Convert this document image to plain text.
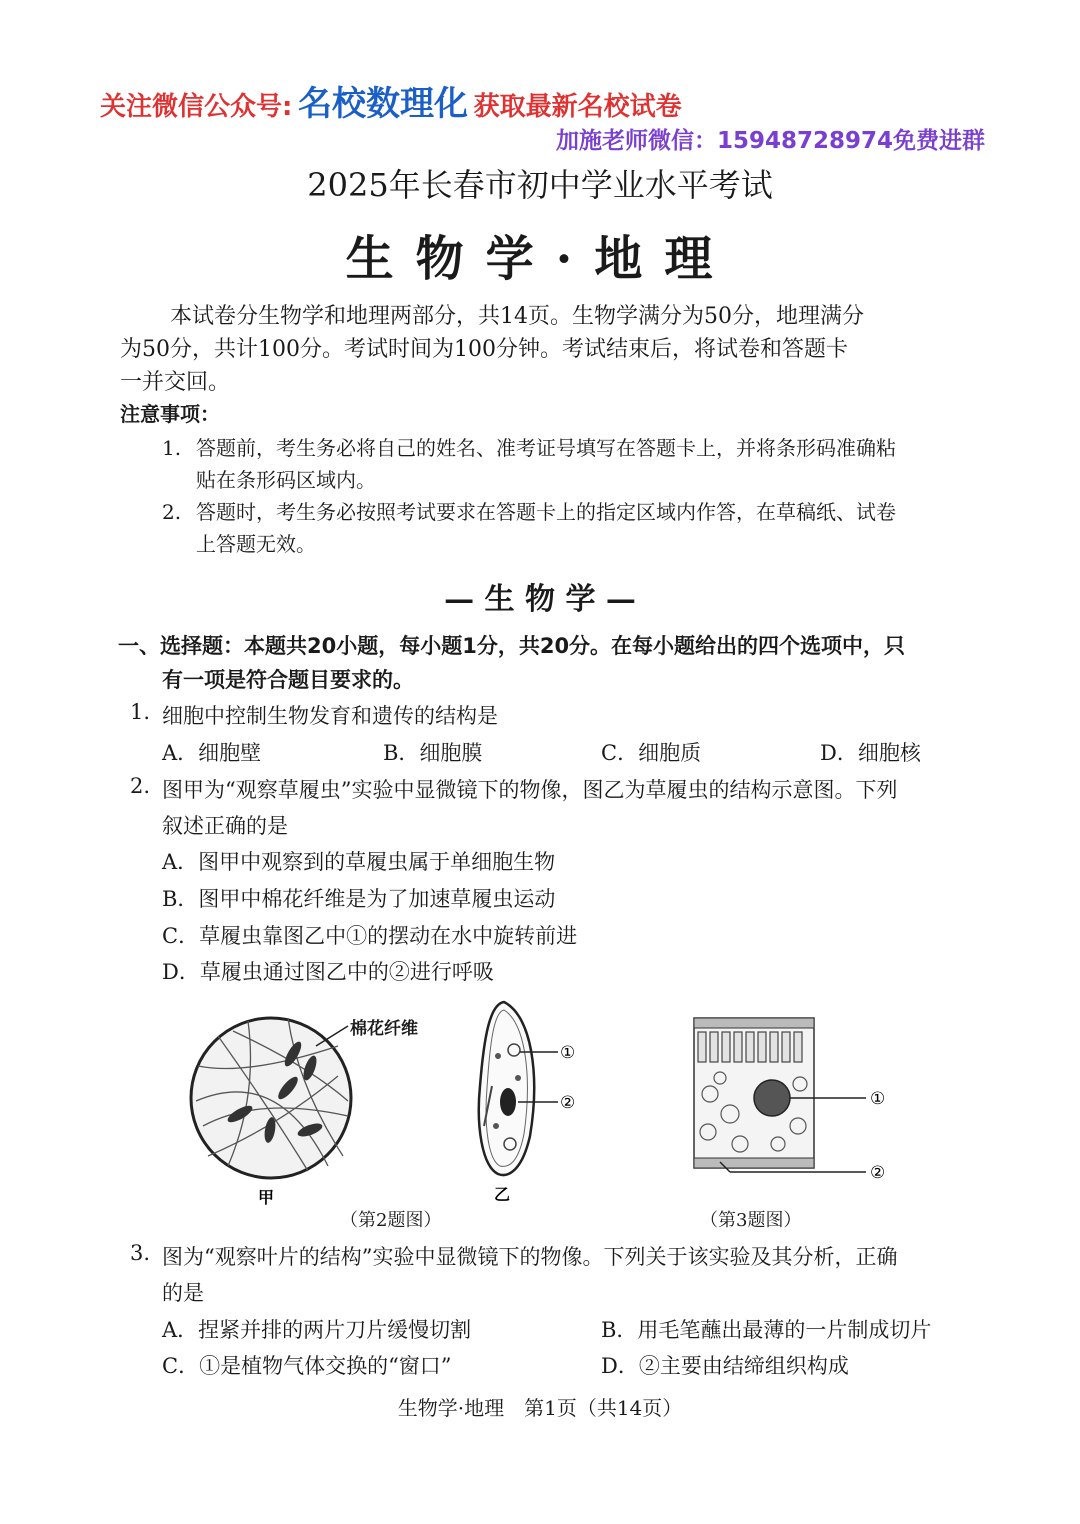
关注微信公众号: 名校数理化 获取最新名校试卷
加施老师微信：15948728974免费进群
2025年长春市初中学业水平考试
生物学·地理
本试卷分生物学和地理两部分，共14页。生物学满分为50分，地理满分
为50分，共计100分。考试时间为100分钟。考试结束后，将试卷和答题卡
一并交回。
注意事项：
1. 答题前，考生务必将自己的姓名、准考证号填写在答题卡上，并将条形码准确粘
贴在条形码区域内。
2. 答题时，考生务必按照考试要求在答题卡上的指定区域内作答，在草稿纸、试卷
上答题无效。
— 生 物 学 —
一、选择题：本题共20小题，每小题1分，共20分。在每小题给出的四个选项中，只
有一项是符合题目要求的。
1. 细胞中控制生物发育和遗传的结构是
A．细胞壁	B．细胞膜	C．细胞质	D．细胞核
2. 图甲为“观察草履虫”实验中显微镜下的物像，图乙为草履虫的结构示意图。下列
叙述正确的是
A．图甲中观察到的草履虫属于单细胞生物
B．图甲中棉花纤维是为了加速草履虫运动
C．草履虫靠图乙中①的摆动在水中旋转前进
D．草履虫通过图乙中的②进行呼吸
甲
棉花纤维
①
②
乙
①
②
（第2题图）	（第3题图）
3. 图为“观察叶片的结构”实验中显微镜下的物像。下列关于该实验及其分析，正确
的是
A．捏紧并排的两片刀片缓慢切割	B．用毛笔蘸出最薄的一片制成切片
C．①是植物气体交换的“窗口”	D．②主要由结缔组织构成
生物学·地理　第1页（共14页）
